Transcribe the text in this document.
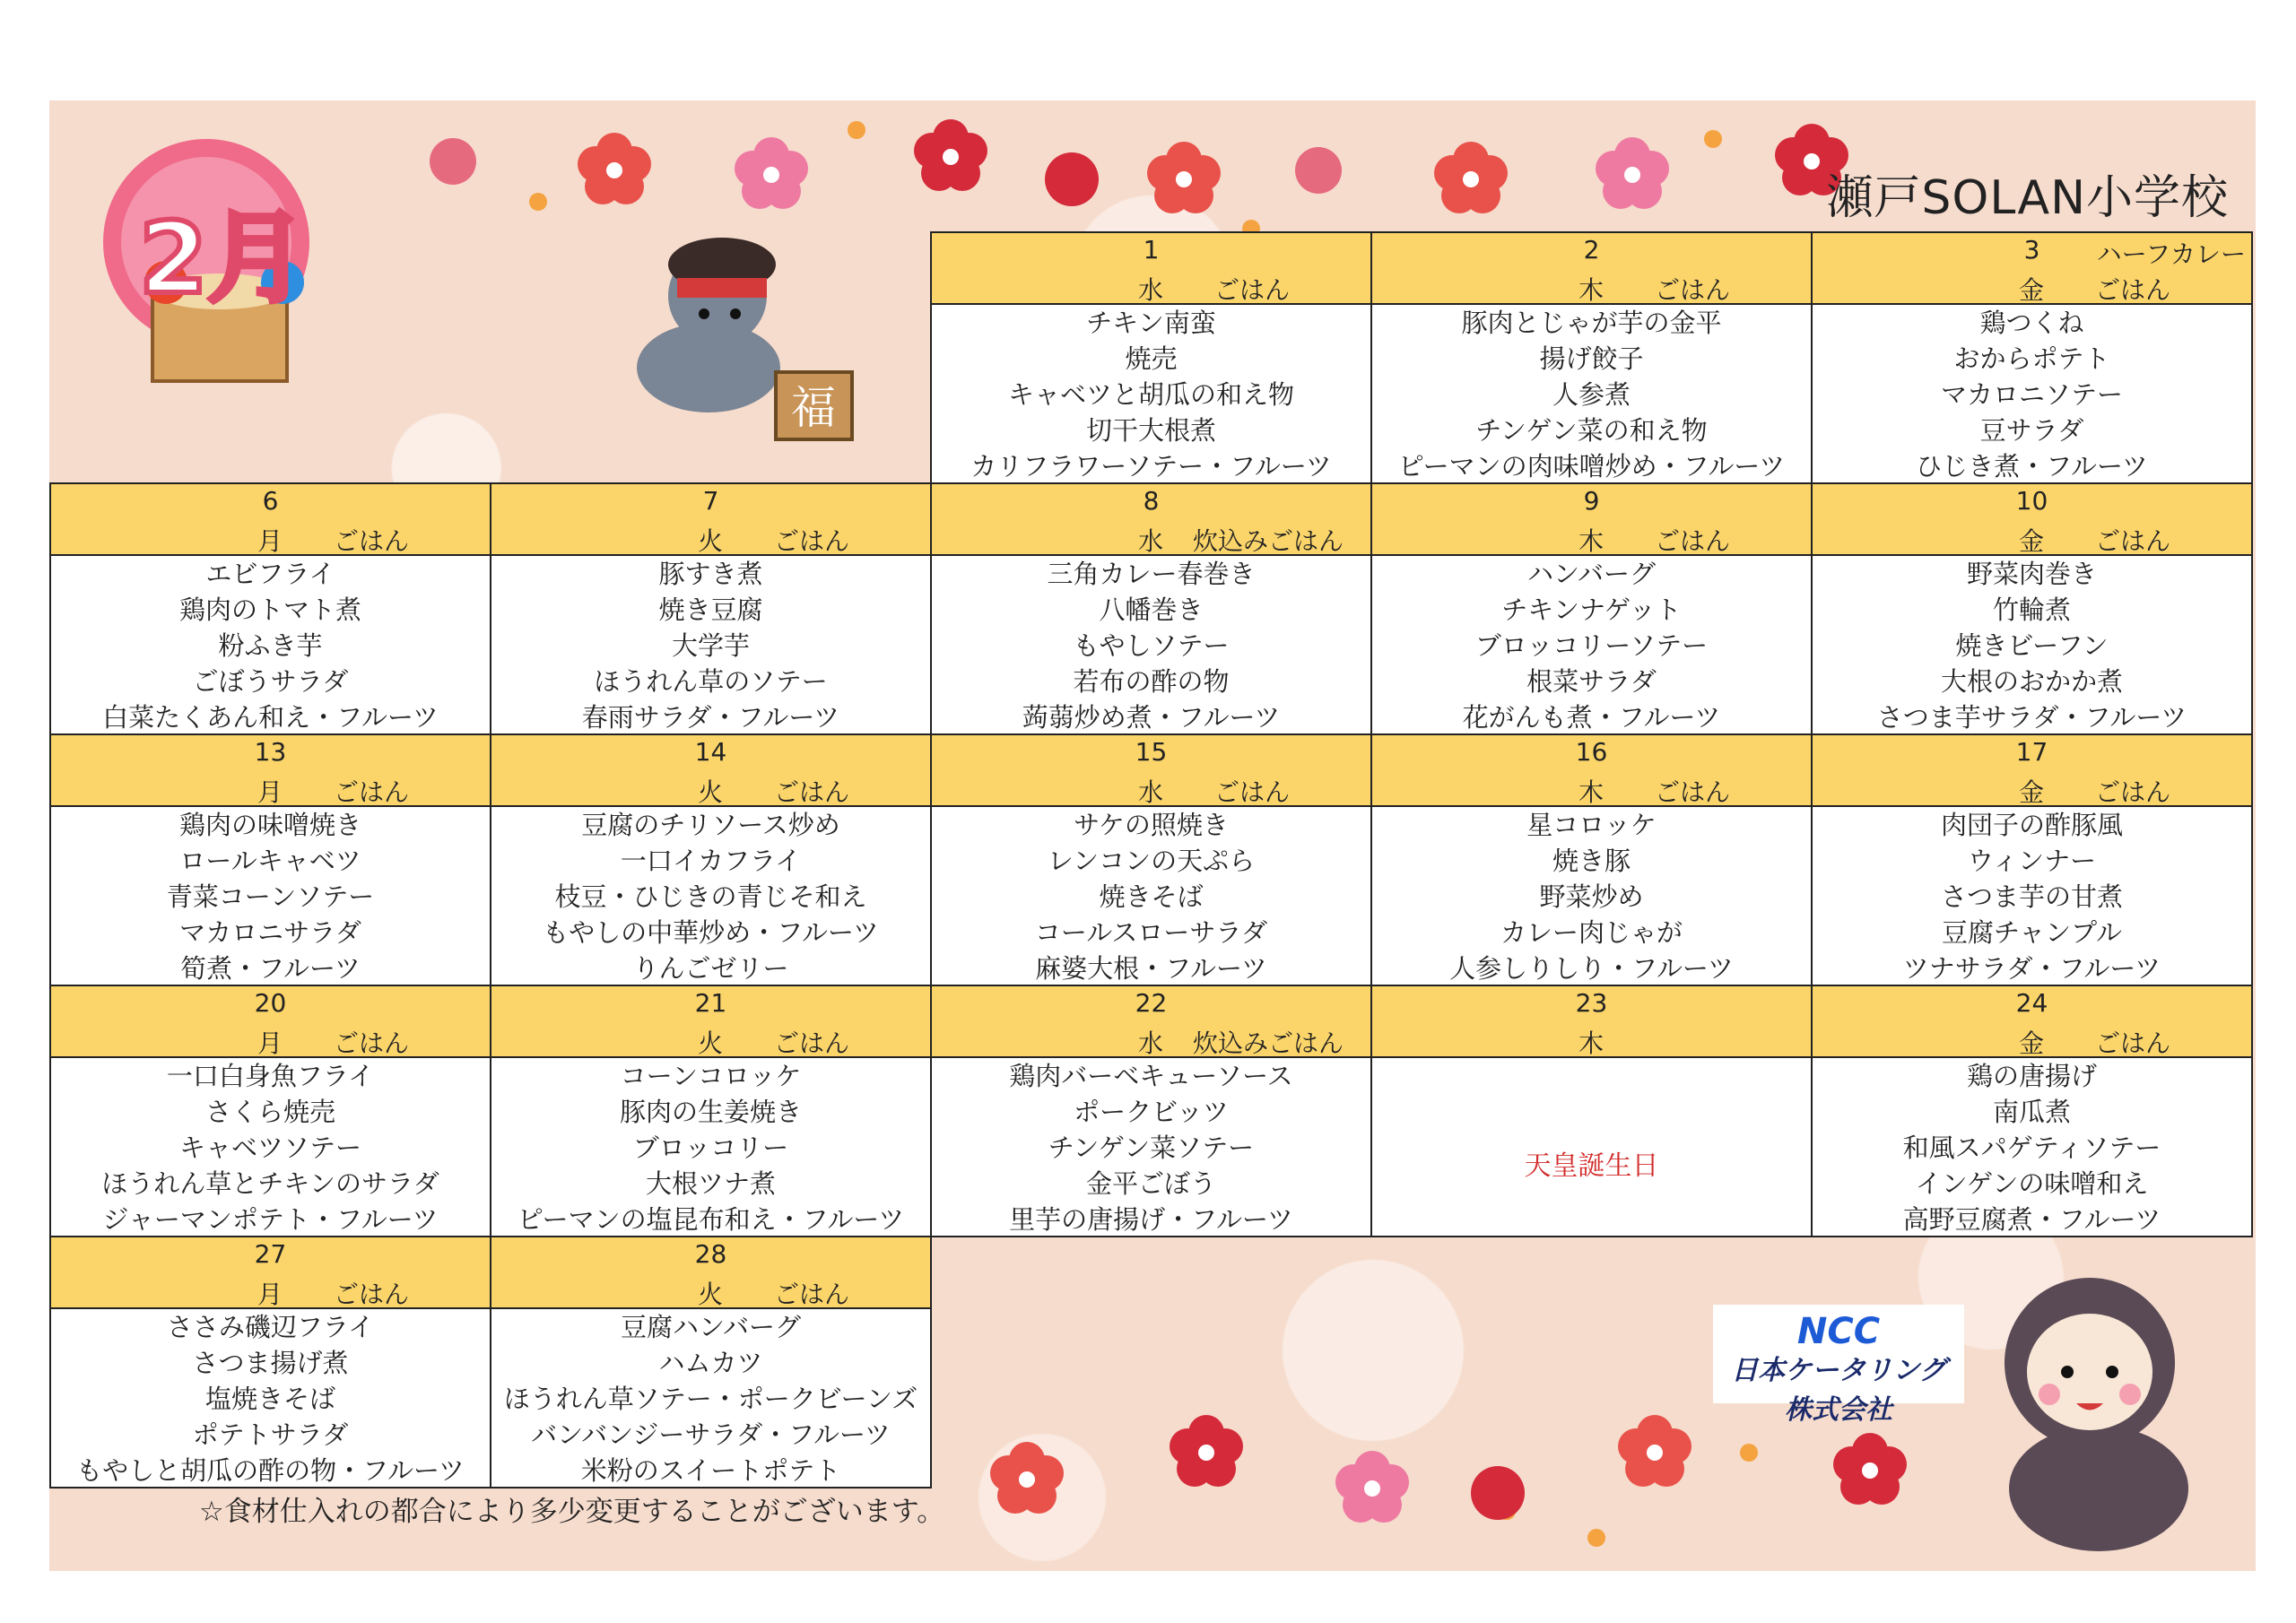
2月
福
瀬戸SOLAN小学校
1
水 ごはん
チキン南蛮
焼売
キャベツと胡瓜の和え物
切干大根煮
カリフラワーソテー・フルーツ
2
木 ごはん
豚肉とじゃが芋の金平
揚げ餃子
人参煮
チンゲン菜の和え物
ピーマンの肉味噌炒め・フルーツ
3
金 ごはん
ハーフカレー
鶏つくね
おからポテト
マカロニソテー
豆サラダ
ひじき煮・フルーツ
6
月 ごはん
エビフライ
鶏肉のトマト煮
粉ふき芋
ごぼうサラダ
白菜たくあん和え・フルーツ
7
火 ごはん
豚すき煮
焼き豆腐
大学芋
ほうれん草のソテー
春雨サラダ・フルーツ
8
水 炊込みごはん
三角カレー春巻き
八幡巻き
もやしソテー
若布の酢の物
蒟蒻炒め煮・フルーツ
9
木 ごはん
ハンバーグ
チキンナゲット
ブロッコリーソテー
根菜サラダ
花がんも煮・フルーツ
10
金 ごはん
野菜肉巻き
竹輪煮
焼きビーフン
大根のおかか煮
さつま芋サラダ・フルーツ
13
月 ごはん
鶏肉の味噌焼き
ロールキャベツ
青菜コーンソテー
マカロニサラダ
筍煮・フルーツ
14
火 ごはん
豆腐のチリソース炒め
一口イカフライ
枝豆・ひじきの青じそ和え
もやしの中華炒め・フルーツ
りんごゼリー
15
水 ごはん
サケの照焼き
レンコンの天ぷら
焼きそば
コールスローサラダ
麻婆大根・フルーツ
16
木 ごはん
星コロッケ
焼き豚
野菜炒め
カレー肉じゃが
人参しりしり・フルーツ
17
金 ごはん
肉団子の酢豚風
ウィンナー
さつま芋の甘煮
豆腐チャンプル
ツナサラダ・フルーツ
20
月 ごはん
一口白身魚フライ
さくら焼売
キャベツソテー
ほうれん草とチキンのサラダ
ジャーマンポテト・フルーツ
21
火 ごはん
コーンコロッケ
豚肉の生姜焼き
ブロッコリー
大根ツナ煮
ピーマンの塩昆布和え・フルーツ
22
水 炊込みごはん
鶏肉バーベキューソース
ポークビッツ
チンゲン菜ソテー
金平ごぼう
里芋の唐揚げ・フルーツ
23
木
天皇誕生日
24
金 ごはん
鶏の唐揚げ
南瓜煮
和風スパゲティソテー
インゲンの味噌和え
高野豆腐煮・フルーツ
27
月 ごはん
ささみ磯辺フライ
さつま揚げ煮
塩焼きそば
ポテトサラダ
もやしと胡瓜の酢の物・フルーツ
28
火 ごはん
豆腐ハンバーグ
ハムカツ
ほうれん草ソテー・ポークビーンズ
バンバンジーサラダ・フルーツ
米粉のスイートポテト
NCC
日本ケータリング株式会社
☆食材仕入れの都合により多少変更することがございます。
